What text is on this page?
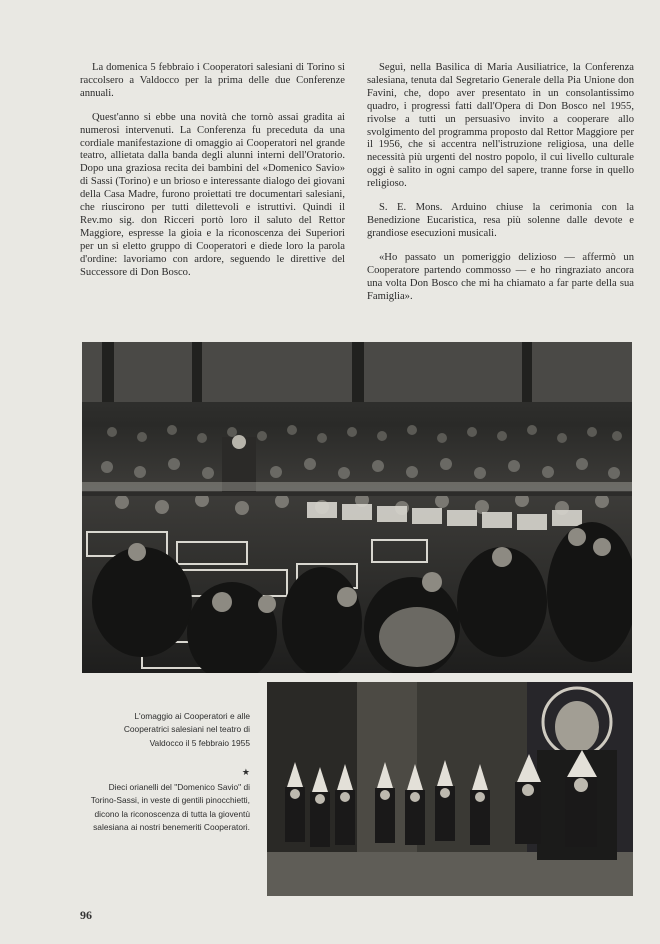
La domenica 5 febbraio i Cooperatori salesiani di Torino si raccolsero a Valdocco per la prima delle due Conferenze annuali.

Quest'anno si ebbe una novità che tornò assai gradita ai numerosi intervenuti. La Conferenza fu preceduta da una cordiale manifestazione di omaggio ai Cooperatori nel grande teatro, allietata dalla banda degli alunni interni dell'Oratorio. Dopo una graziosa recita dei bambini del «Domenico Savio» di Sassi (Torino) e un brioso e interessante dialogo dei giovani della Casa Madre, furono proiettati tre documentari salesiani, che riuscirono per tutti dilettevoli e istruttivi. Quindi il Rev.mo sig. don Ricceri portò loro il saluto del Rettor Maggiore, espresse la gioia e la riconoscenza dei Superiori per un sì eletto gruppo di Cooperatori e diede loro la parola d'ordine: lavoriamo con ardore, seguendo le direttive del Successore di Don Bosco.

Seguì, nella Basilica di Maria Ausiliatrice, la Conferenza salesiana, tenuta dal Segretario Generale della Pia Unione don Favini, che, dopo aver presentato in un consolantissimo quadro, i progressi fatti dall'Opera di Don Bosco nel 1955, rivolse a tutti un persuasivo invito a cooperare allo svolgimento del programma proposto dal Rettor Maggiore per il 1956, che si accentra nell'istruzione religiosa, una delle necessità più urgenti del nostro popolo, il cui livello culturale oggi è salito in ogni campo del sapere, tranne forse in quello religioso.

S. E. Mons. Arduino chiuse la cerimonia con la Benedizione Eucaristica, resa più solenne dalle devote e grandiose esecuzioni musicali.

«Ho passato un pomeriggio delizioso — affermò un Cooperatore partendo commosso — e ho ringraziato ancora una volta Don Bosco che mi ha chiamato a far parte della sua Famiglia».

L'omaggio ai Cooperatori e alle Cooperatrici salesiani nel teatro di Valdocco il 5 febbraio 1955
★
Dieci orianelli del "Domenico Savio" di Torino-Sassi, in veste di gentili pinocchietti, dicono la riconoscenza di tutta la gioventù salesiana ai nostri benemeriti Cooperatori.
96
